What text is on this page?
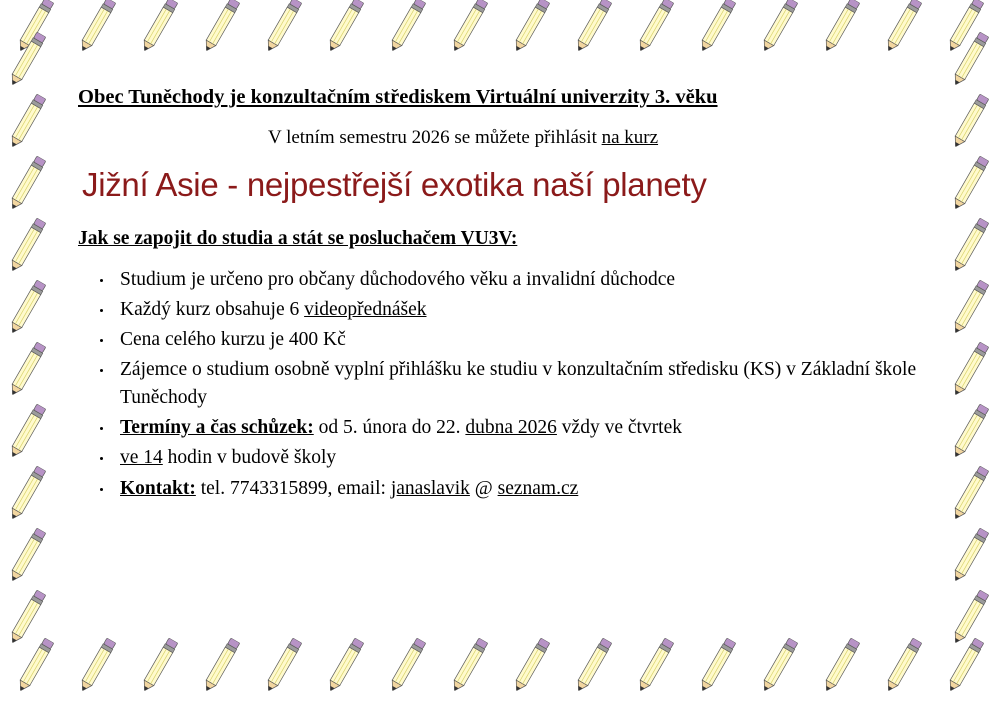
Obec Tuněchody je konzultačním střediskem Virtuální univerzity 3. věku
V letním semestru 2026 se můžete přihlásit na kurz
Jižní Asie - nejpestřejší exotika naší planety
Jak se zapojit do studia a stát se posluchačem VU3V:
Studium je určeno pro občany důchodového věku a invalidní důchodce
Každý kurz obsahuje 6 videopřednášek
Cena celého kurzu je 400 Kč
Zájemce o studium osobně vyplní přihlášku ke studiu v konzultačním středisku (KS) v Základní škole Tuněchody
Termíny a čas schůzek: od 5. února do 22. dubna 2026 vždy ve čtvrtek
ve 14 hodin v budově školy
Kontakt: tel. 7743315899, email: janaslavik @ seznam.cz
